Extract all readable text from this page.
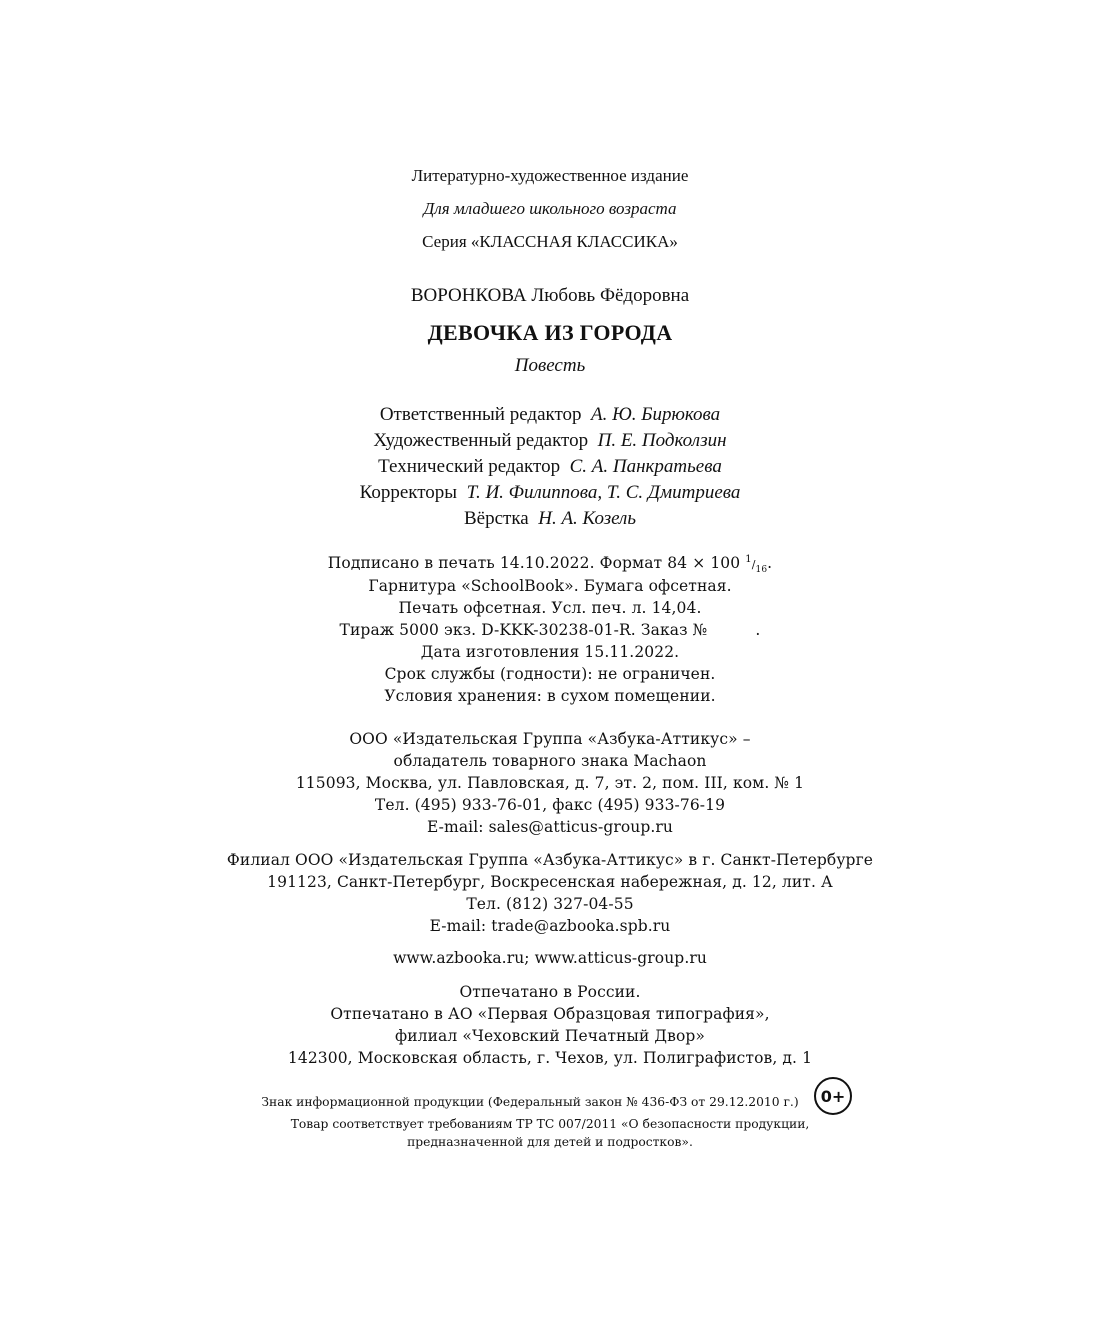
Литературно-художественное издание
Для младшего школьного возраста
Серия «КЛАССНАЯ КЛАССИКА»
ВОРОНКОВА Любовь Фёдоровна
ДЕВОЧКА ИЗ ГОРОДА
Повесть
Ответственный редактор А. Ю. Бирюкова
Художественный редактор П. Е. Подколзин
Технический редактор С. А. Панкратьева
Корректоры Т. И. Филиппова, Т. С. Дмитриева
Вёрстка Н. А. Козель
Подписано в печать 14.10.2022. Формат 84 × 100 $^1/_{16}$.
Гарнитура «SchoolBook». Бумага офсетная.
Печать офсетная. Усл. печ. л. 14,04.
Тираж 5000 экз. D-KKK-30238-01-R. Заказ №	.
Дата изготовления 15.11.2022.
Срок службы (годности): не ограничен.
Условия хранения: в сухом помещении.
ООО «Издательская Группа «Азбука-Аттикус» –
обладатель товарного знака Machaon
115093, Москва, ул. Павловская, д. 7, эт. 2, пом. III, ком. № 1
Тел. (495) 933-76-01, факс (495) 933-76-19
E-mail: sales@atticus-group.ru
Филиал ООО «Издательская Группа «Азбука-Аттикус» в г. Санкт-Петербурге
191123, Санкт-Петербург, Воскресенская набережная, д. 12, лит. А
Тел. (812) 327-04-55
E-mail: trade@azbooka.spb.ru
www.azbooka.ru; www.atticus-group.ru
Отпечатано в России.
Отпечатано в АО «Первая Образцовая типография»,
филиал «Чеховский Печатный Двор»
142300, Московская область, г. Чехов, ул. Полиграфистов, д. 1
Знак информационной продукции (Федеральный закон № 436-ФЗ от 29.12.2010 г.)	0+
Товар соответствует требованиям ТР ТС 007/2011 «О безопасности продукции,
предназначенной для детей и подростков».
